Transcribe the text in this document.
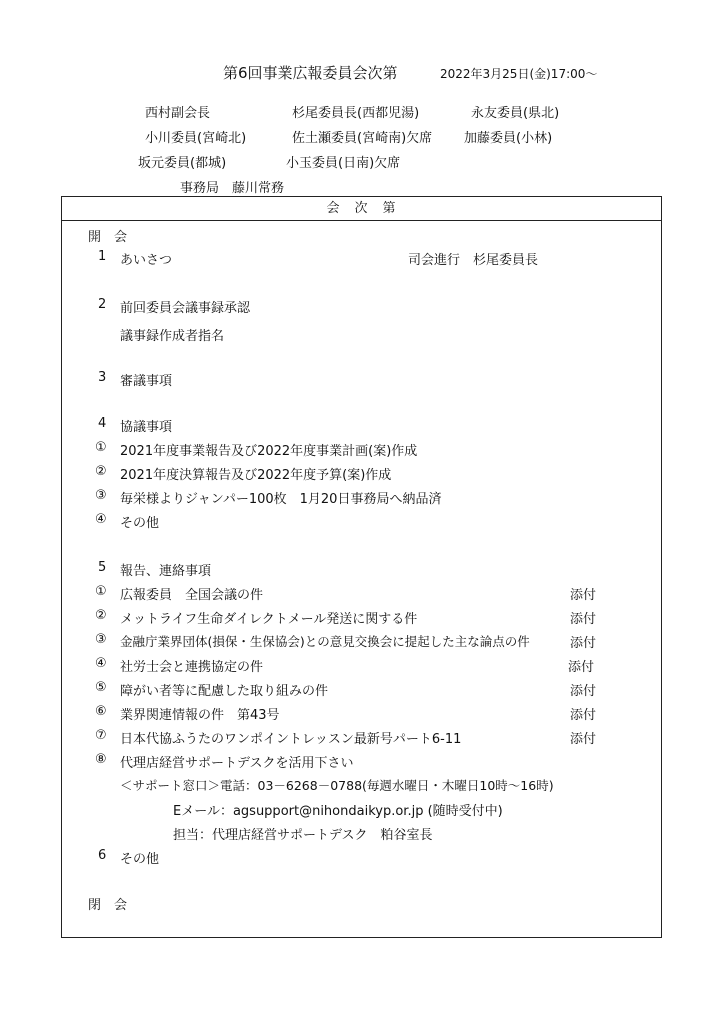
第6回事業広報委員会次第	2022年3月25日(金)17:00～
西村副会長	杉尾委員長(西都児湯)	永友委員(県北)
小川委員(宮崎北)	佐土瀬委員(宮崎南)欠席 加藤委員(小林)
坂元委員(都城)	小玉委員(日南)欠席
事務局　藤川常務
会　次　第
開　会
1 あいさつ	司会進行　杉尾委員長
2 前回委員会議事録承認
議事録作成者指名
3 審議事項
4 協議事項
① 2021年度事業報告及び2022年度事業計画(案)作成
② 2021年度決算報告及び2022年度予算(案)作成
③ 毎栄様よりジャンパー100枚　1月20日事務局へ納品済
④ その他
5 報告、連絡事項
① 広報委員　全国会議の件	添付
② メットライフ生命ダイレクトメール発送に関する件	添付
③ 金融庁業界団体(損保・生保協会)との意見交換会に提起した主な論点の件	添付
④ 社労士会と連携協定の件	添付
⑤ 障がい者等に配慮した取り組みの件	添付
⑥ 業界関連情報の件　第43号	添付
⑦ 日本代協ふうたのワンポイントレッスン最新号パート6-11	添付
⑧ 代理店経営サポートデスクを活用下さい
＜サポート窓口＞電話：03－6268－0788(毎週水曜日・木曜日10時～16時)
Eメール：agsupport@nihondaikyp.or.jp (随時受付中)
担当：代理店経営サポートデスク　粕谷室長
6 その他
閉　会
